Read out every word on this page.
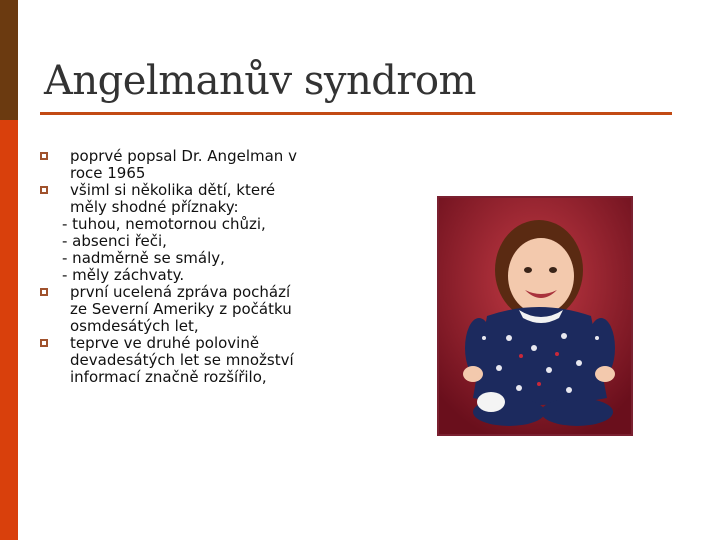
Angelmanův syndrom
poprvé popsal Dr. Angelman v
roce 1965
všiml si několika dětí, které
měly shodné příznaky:
- tuhou, nemotornou chůzi,
- absenci řeči,
- nadměrně se smály,
- měly záchvaty.
první ucelená zpráva pochází
ze Severní Ameriky z počátku
osmdesátých let,
teprve ve druhé polovině
devadesátých let se množství
informací značně rozšířilo,
